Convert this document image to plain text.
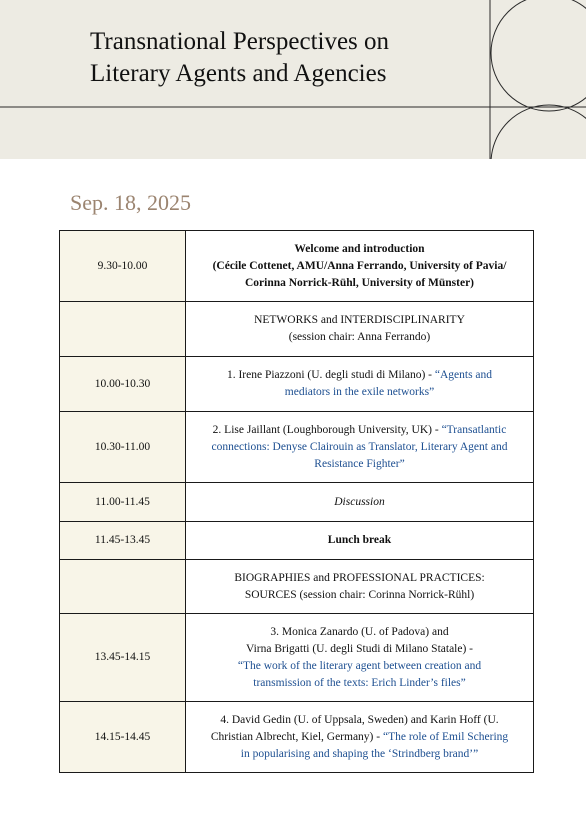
Transnational Perspectives on
Literary Agents and Agencies
Sep. 18, 2025
9.30-10.00	Welcome and introduction
(Cécile Cottenet, AMU/Anna Ferrando, University of Pavia/
Corinna Norrick-Rühl, University of Münster)

	NETWORKS and INTERDISCIPLINARITY
(session chair: Anna Ferrando)

10.00-10.30	1. Irene Piazzoni (U. degli studi di Milano) - “Agents and
mediators in the exile networks”

10.30-11.00	2. Lise Jaillant (Loughborough University, UK) - “Transatlantic
connections: Denyse Clairouin as Translator, Literary Agent and
Resistance Fighter”

11.00-11.45	Discussion
11.45-13.45	Lunch break

	BIOGRAPHIES and PROFESSIONAL PRACTICES:
SOURCES (session chair: Corinna Norrick-Rühl)

13.45-14.15	3. Monica Zanardo (U. of Padova) and
Virna Brigatti (U. degli Studi di Milano Statale) -
“The work of the literary agent between creation and
transmission of the texts: Erich Linder’s files”

14.15-14.45	4. David Gedin (U. of Uppsala, Sweden) and Karin Hoff (U.
Christian Albrecht, Kiel, Germany) - “The role of Emil Schering
in popularising and shaping the ‘Strindberg brand’”
